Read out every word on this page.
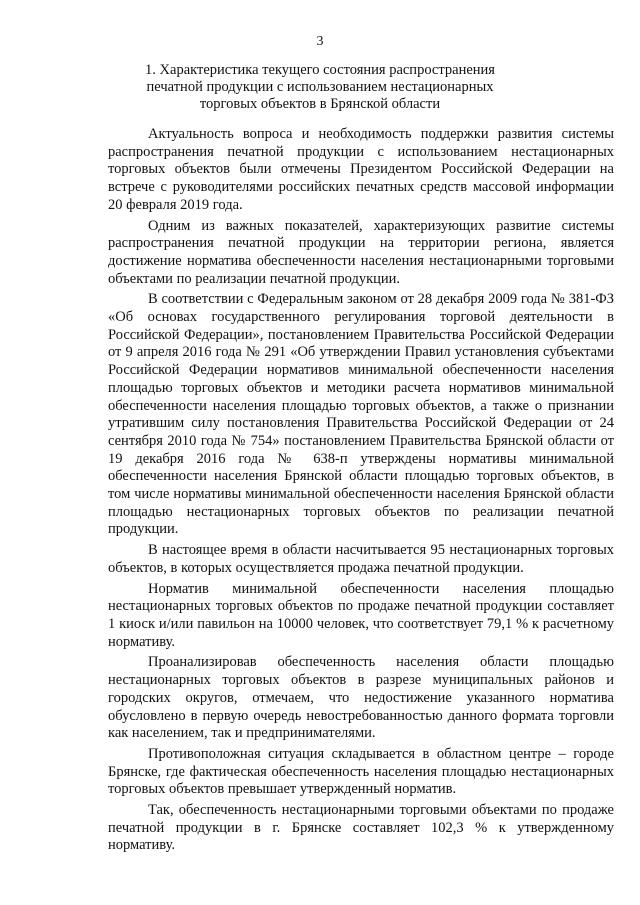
3
1. Характеристика текущего состояния распространения
печатной продукции с использованием нестационарных
торговых объектов в Брянской области

Актуальность вопроса и необходимость поддержки развития системы распространения печатной продукции с использованием нестационарных торговых объектов были отмечены Президентом Российской Федерации на встрече с руководителями российских печатных средств массовой информации 20 февраля 2019 года.

Одним из важных показателей, характеризующих развитие системы распространения печатной продукции на территории региона, является достижение норматива обеспеченности населения нестационарными торговыми объектами по реализации печатной продукции.

В соответствии с Федеральным законом от 28 декабря 2009 года № 381-ФЗ «Об основах государственного регулирования торговой деятельности в Российской Федерации», постановлением Правительства Российской Федерации от 9 апреля 2016 года № 291 «Об утверждении Правил установления субъектами Российской Федерации нормативов минимальной обеспеченности населения площадью торговых объектов и методики расчета нормативов минимальной обеспеченности населения площадью торговых объектов, а также о признании утратившим силу постановления Правительства Российской Федерации от 24 сентября 2010 года № 754» постановлением Правительства Брянской области от 19 декабря 2016 года № 638-п утверждены нормативы минимальной обеспеченности населения Брянской области площадью торговых объектов, в том числе нормативы минимальной обеспеченности населения Брянской области площадью нестационарных торговых объектов по реализации печатной продукции.

В настоящее время в области насчитывается 95 нестационарных торговых объектов, в которых осуществляется продажа печатной продукции.

Норматив минимальной обеспеченности населения площадью нестационарных торговых объектов по продаже печатной продукции составляет 1 киоск и/или павильон на 10000 человек, что соответствует 79,1 % к расчетному нормативу.

Проанализировав обеспеченность населения области площадью нестационарных торговых объектов в разрезе муниципальных районов и городских округов, отмечаем, что недостижение указанного норматива обусловлено в первую очередь невостребованностью данного формата торговли как населением, так и предпринимателями.

Противоположная ситуация складывается в областном центре – городе Брянске, где фактическая обеспеченность населения площадью нестационарных торговых объектов превышает утвержденный норматив.

Так, обеспеченность нестационарными торговыми объектами по продаже печатной продукции в г. Брянске составляет 102,3 % к утвержденному нормативу.
